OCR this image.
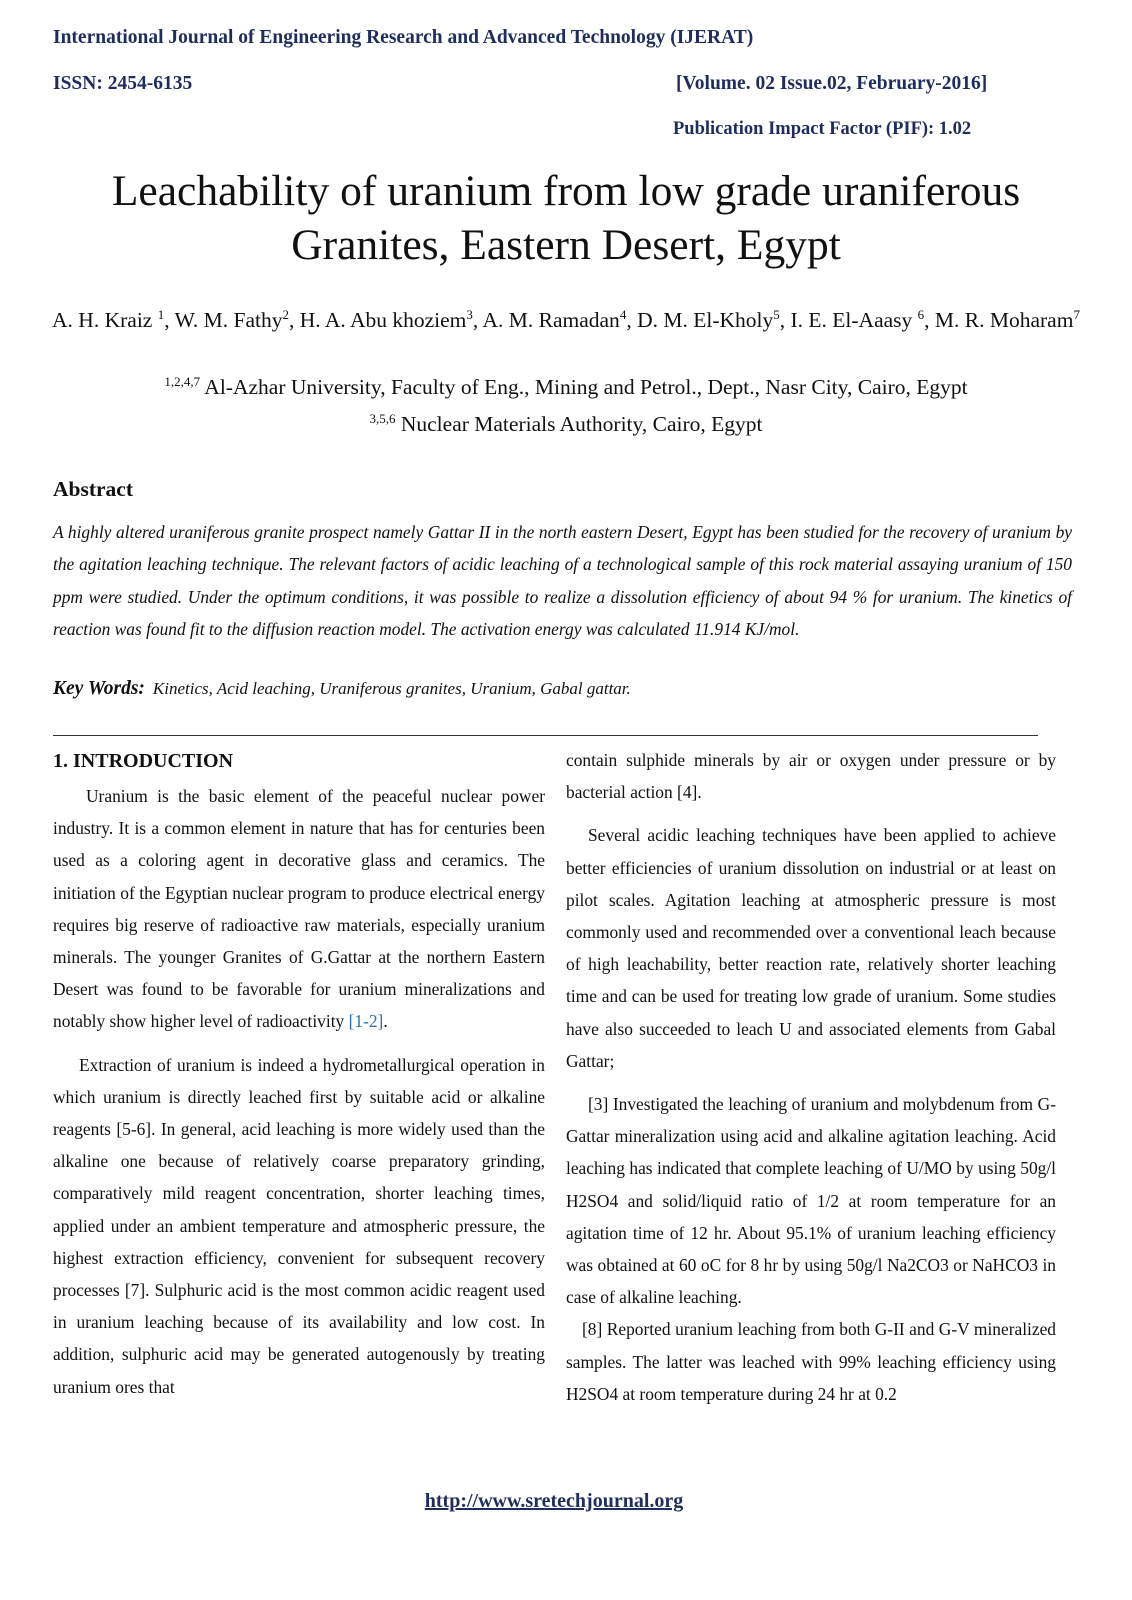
International Journal of Engineering Research and Advanced Technology (IJERAT)
ISSN: 2454-6135	[Volume. 02 Issue.02, February-2016]
Publication Impact Factor (PIF): 1.02
Leachability of uranium from low grade uraniferous
Granites, Eastern Desert, Egypt
A. H. Kraiz $^1$, W. M. Fathy$^2$, H. A. Abu khoziem$^3$, A. M. Ramadan$^4$, D. M. El-Kholy$^5$, I. E. El-Aaasy $^6$, M. R. Moharam$^7$
$^{1,2,4,7}$ Al-Azhar University, Faculty of Eng., Mining and Petrol., Dept., Nasr City, Cairo, Egypt
$^{3,5,6}$ Nuclear Materials Authority, Cairo, Egypt
Abstract
A highly altered uraniferous granite prospect namely Gattar II in the north eastern Desert, Egypt has been studied for the recovery of uranium by the agitation leaching technique. The relevant factors of acidic leaching of a technological sample of this rock material assaying uranium of 150 ppm were studied. Under the optimum conditions, it was possible to realize a dissolution efficiency of about 94 % for uranium. The kinetics of reaction was found fit to the diffusion reaction model. The activation energy was calculated 11.914 KJ/mol.
Key Words: Kinetics, Acid leaching, Uraniferous granites, Uranium, Gabal gattar.
1. INTRODUCTION

Uranium is the basic element of the peaceful nuclear power industry. It is a common element in nature that has for centuries been used as a coloring agent in decorative glass and ceramics. The initiation of the Egyptian nuclear program to produce electrical energy requires big reserve of radioactive raw materials, especially uranium minerals. The younger Granites of G.Gattar at the northern Eastern Desert was found to be favorable for uranium mineralizations and notably show higher level of radioactivity [1-2].

Extraction of uranium is indeed a hydrometallurgical operation in which uranium is directly leached first by suitable acid or alkaline reagents [5-6]. In general, acid leaching is more widely used than the alkaline one because of relatively coarse preparatory grinding, comparatively mild reagent concentration, shorter leaching times, applied under an ambient temperature and atmospheric pressure, the highest extraction efficiency, convenient for subsequent recovery processes [7]. Sulphuric acid is the most common acidic reagent used in uranium leaching because of its availability and low cost. In addition, sulphuric acid may be generated autogenously by treating uranium ores that

contain sulphide minerals by air or oxygen under pressure or by bacterial action [4].

Several acidic leaching techniques have been applied to achieve better efficiencies of uranium dissolution on industrial or at least on pilot scales. Agitation leaching at atmospheric pressure is most commonly used and recommended over a conventional leach because of high leachability, better reaction rate, relatively shorter leaching time and can be used for treating low grade of uranium. Some studies have also succeeded to leach U and associated elements from Gabal Gattar;

[3] Investigated the leaching of uranium and molybdenum from G-Gattar mineralization using acid and alkaline agitation leaching. Acid leaching has indicated that complete leaching of U/MO by using 50g/l H2SO4 and solid/liquid ratio of 1/2 at room temperature for an agitation time of 12 hr. About 95.1% of uranium leaching efficiency was obtained at 60 oC for 8 hr by using 50g/l Na2CO3 or NaHCO3 in case of alkaline leaching.

[8] Reported uranium leaching from both G-II and G-V mineralized samples. The latter was leached with 99% leaching efficiency using H2SO4 at room temperature during 24 hr at 0.2

http://www.sretechjournal.org
